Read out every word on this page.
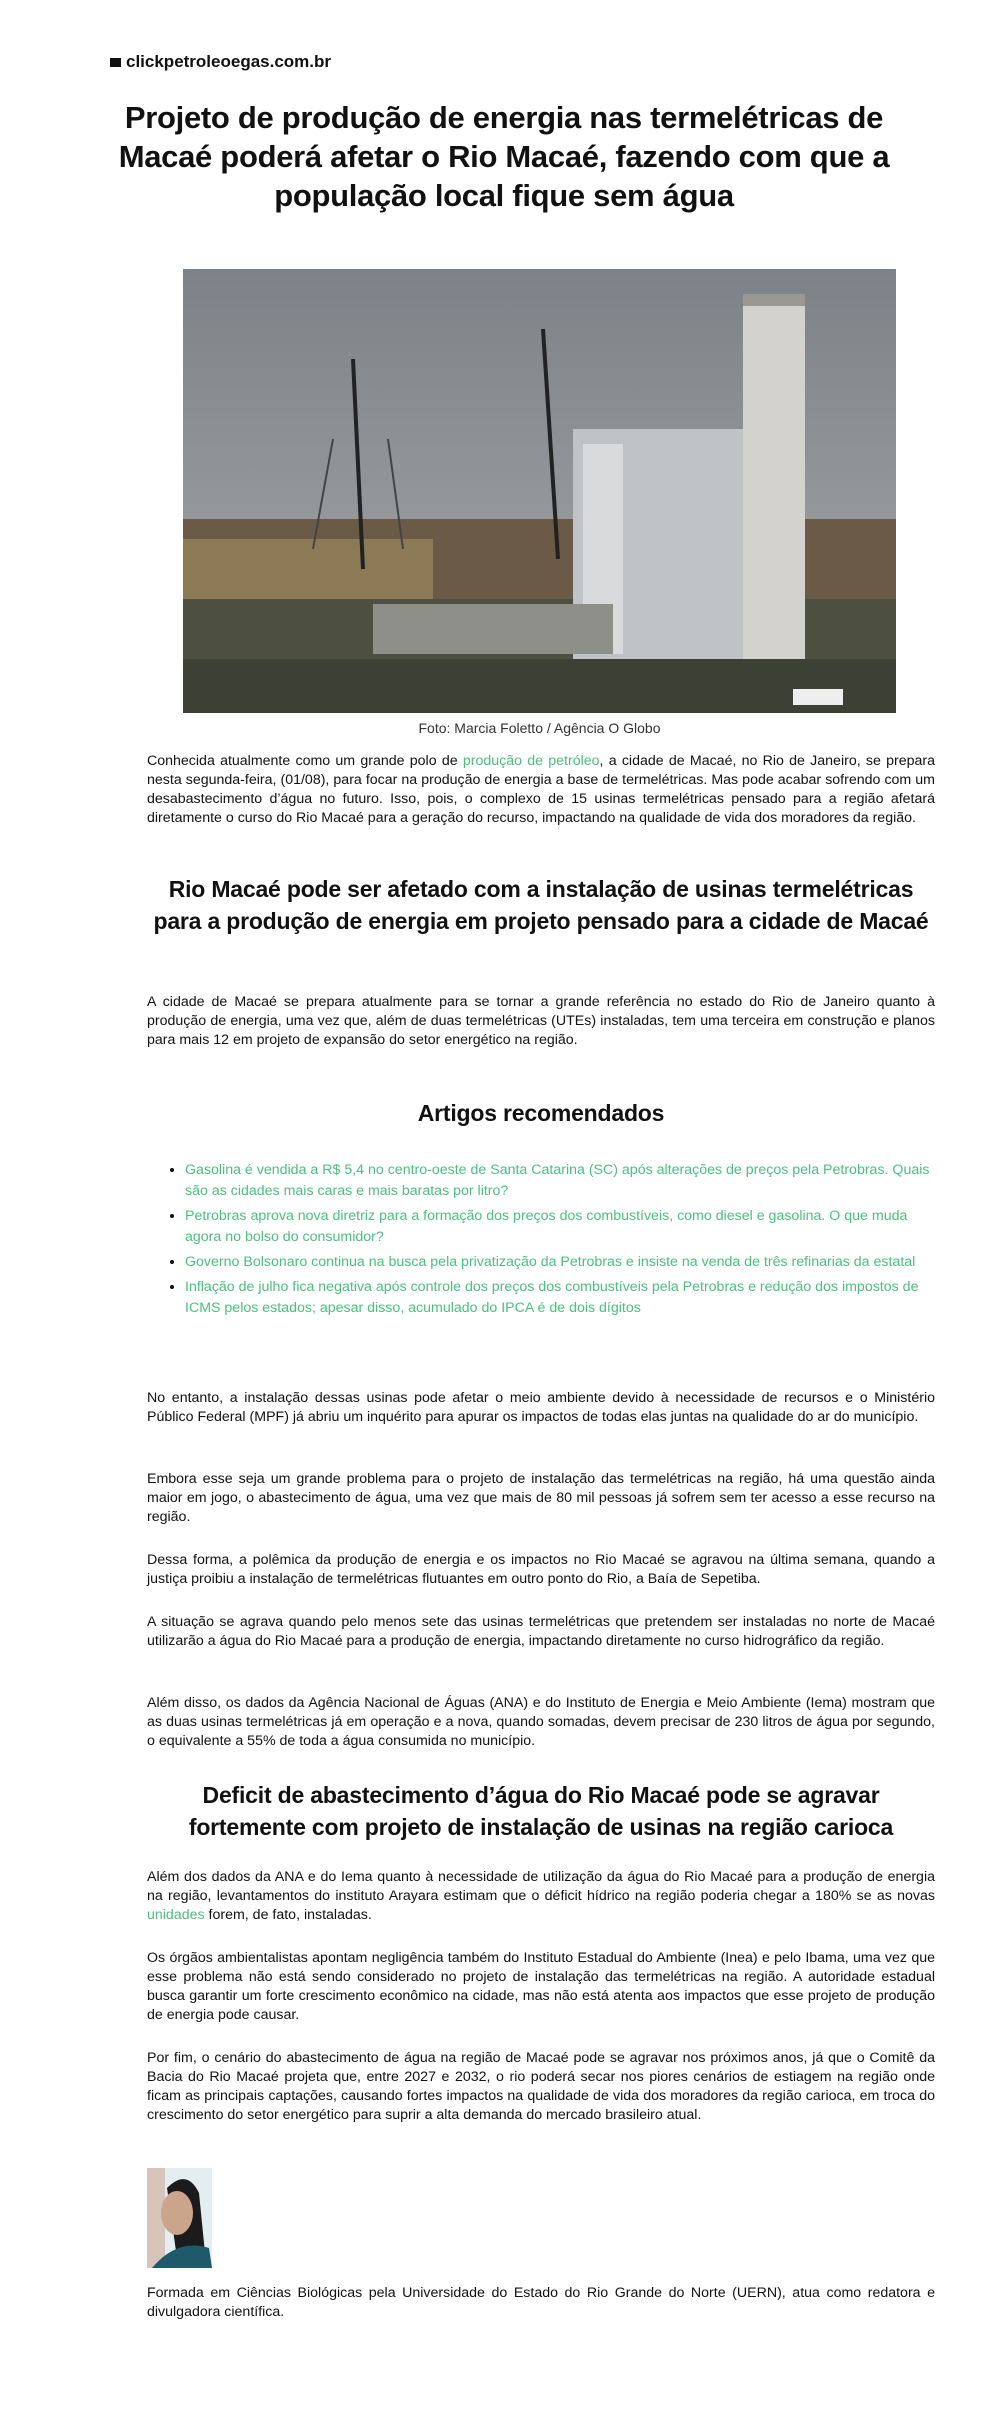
clickpetroleoegas.com.br
Projeto de produção de energia nas termelétricas de Macaé poderá afetar o Rio Macaé, fazendo com que a população local fique sem água
Foto: Marcia Foletto / Agência O Globo

Conhecida atualmente como um grande polo de produção de petróleo, a cidade de Macaé, no Rio de Janeiro, se prepara nesta segunda-feira, (01/08), para focar na produção de energia a base de termelétricas. Mas pode acabar sofrendo com um desabastecimento d’água no futuro. Isso, pois, o complexo de 15 usinas termelétricas pensado para a região afetará diretamente o curso do Rio Macaé para a geração do recurso, impactando na qualidade de vida dos moradores da região.

Rio Macaé pode ser afetado com a instalação de usinas termelétricas para a produção de energia em projeto pensado para a cidade de Macaé

A cidade de Macaé se prepara atualmente para se tornar a grande referência no estado do Rio de Janeiro quanto à produção de energia, uma vez que, além de duas termelétricas (UTEs) instaladas, tem uma terceira em construção e planos para mais 12 em projeto de expansão do setor energético na região.

Artigos recomendados
• Gasolina é vendida a R$ 5,4 no centro-oeste de Santa Catarina (SC) após alterações de preços pela Petrobras. Quais são as cidades mais caras e mais baratas por litro?
• Petrobras aprova nova diretriz para a formação dos preços dos combustíveis, como diesel e gasolina. O que muda agora no bolso do consumidor?
• Governo Bolsonaro continua na busca pela privatização da Petrobras e insiste na venda de três refinarias da estatal
• Inflação de julho fica negativa após controle dos preços dos combustíveis pela Petrobras e redução dos impostos de ICMS pelos estados; apesar disso, acumulado do IPCA é de dois dígitos

No entanto, a instalação dessas usinas pode afetar o meio ambiente devido à necessidade de recursos e o Ministério Público Federal (MPF) já abriu um inquérito para apurar os impactos de todas elas juntas na qualidade do ar do município.

Embora esse seja um grande problema para o projeto de instalação das termelétricas na região, há uma questão ainda maior em jogo, o abastecimento de água, uma vez que mais de 80 mil pessoas já sofrem sem ter acesso a esse recurso na região.

Dessa forma, a polêmica da produção de energia e os impactos no Rio Macaé se agravou na última semana, quando a justiça proibiu a instalação de termelétricas flutuantes em outro ponto do Rio, a Baía de Sepetiba.

A situação se agrava quando pelo menos sete das usinas termelétricas que pretendem ser instaladas no norte de Macaé utilizarão a água do Rio Macaé para a produção de energia, impactando diretamente no curso hidrográfico da região.

Além disso, os dados da Agência Nacional de Águas (ANA) e do Instituto de Energia e Meio Ambiente (Iema) mostram que as duas usinas termelétricas já em operação e a nova, quando somadas, devem precisar de 230 litros de água por segundo, o equivalente a 55% de toda a água consumida no município.

Deficit de abastecimento d’água do Rio Macaé pode se agravar fortemente com projeto de instalação de usinas na região carioca

Além dos dados da ANA e do Iema quanto à necessidade de utilização da água do Rio Macaé para a produção de energia na região, levantamentos do instituto Arayara estimam que o déficit hídrico na região poderia chegar a 180% se as novas unidades forem, de fato, instaladas.

Os órgãos ambientalistas apontam negligência também do Instituto Estadual do Ambiente (Inea) e pelo Ibama, uma vez que esse problema não está sendo considerado no projeto de instalação das termelétricas na região. A autoridade estadual busca garantir um forte crescimento econômico na cidade, mas não está atenta aos impactos que esse projeto de produção de energia pode causar.

Por fim, o cenário do abastecimento de água na região de Macaé pode se agravar nos próximos anos, já que o Comitê da Bacia do Rio Macaé projeta que, entre 2027 e 2032, o rio poderá secar nos piores cenários de estiagem na região onde ficam as principais captações, causando fortes impactos na qualidade de vida dos moradores da região carioca, em troca do crescimento do setor energético para suprir a alta demanda do mercado brasileiro atual.

Formada em Ciências Biológicas pela Universidade do Estado do Rio Grande do Norte (UERN), atua como redatora e divulgadora científica.
